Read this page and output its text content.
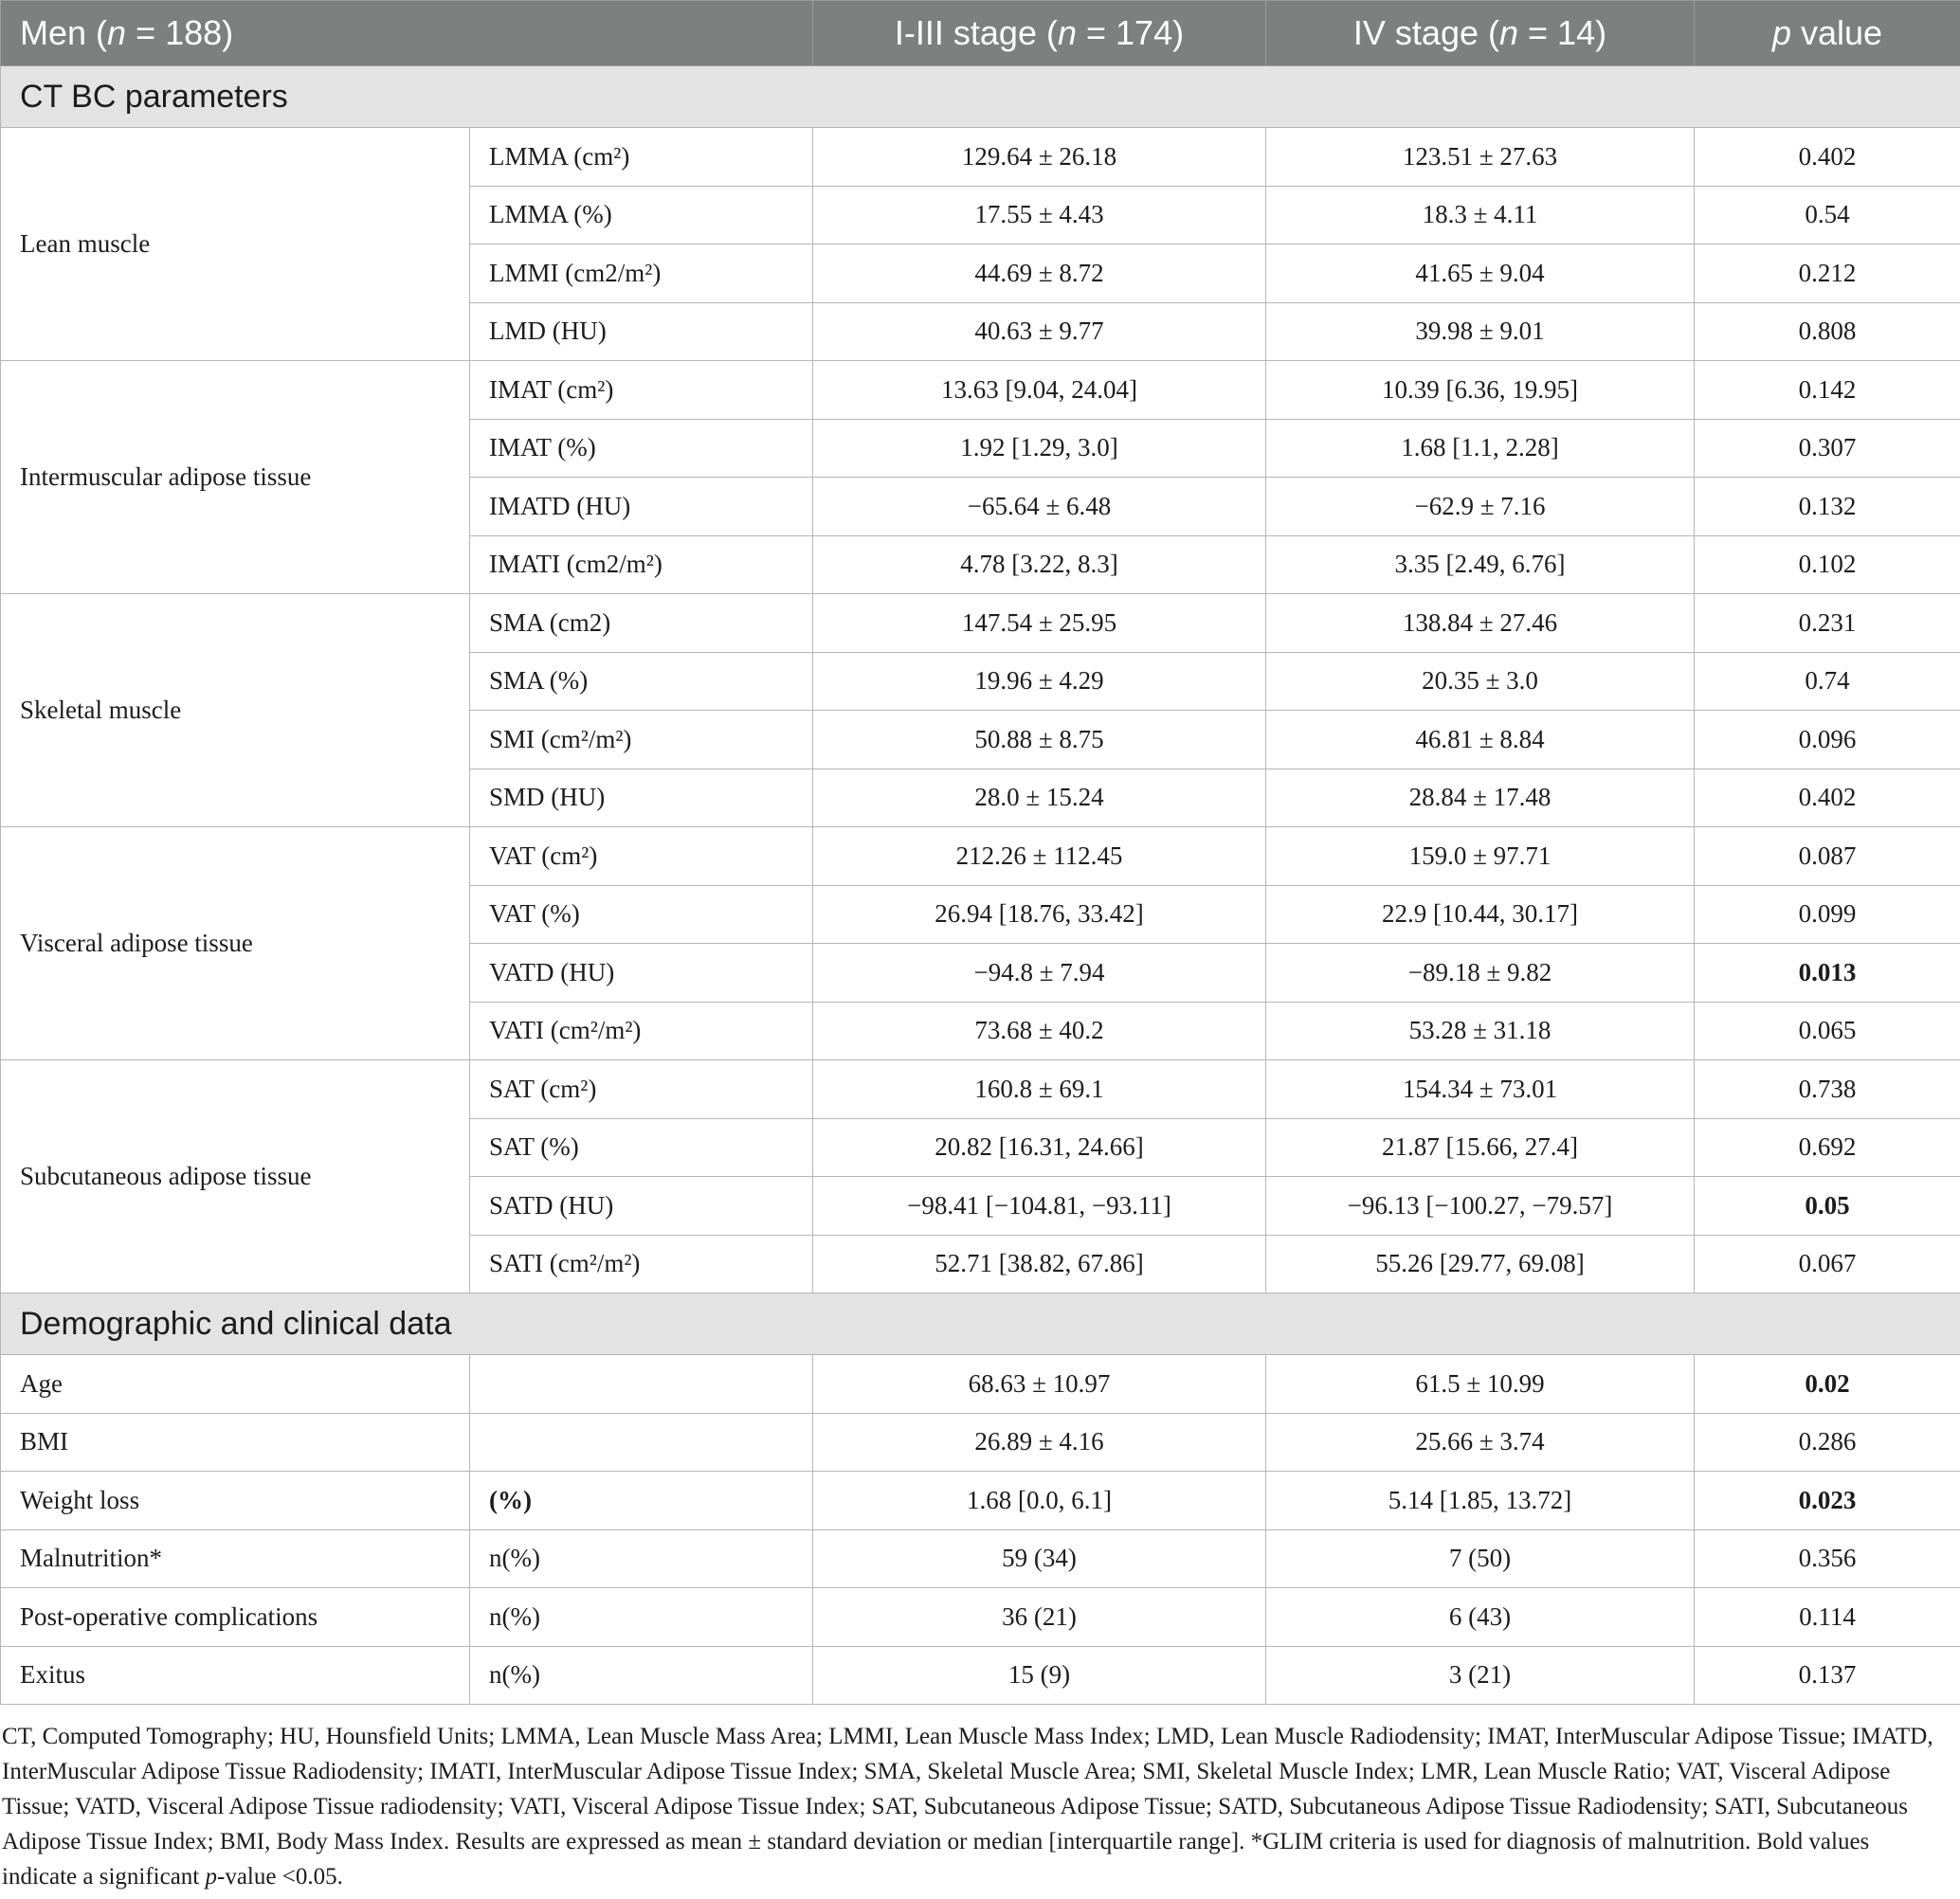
Men (n = 188)		I-III stage (n = 174)	IV stage (n = 14)	p value
CT BC parameters				
Lean muscle	LMMA (cm²)	129.64 ± 26.18	123.51 ± 27.63	0.402
	LMMA (%)	17.55 ± 4.43	18.3 ± 4.11	0.54
	LMMI (cm2/m²)	44.69 ± 8.72	41.65 ± 9.04	0.212
	LMD (HU)	40.63 ± 9.77	39.98 ± 9.01	0.808
Intermuscular adipose tissue	IMAT (cm²)	13.63 [9.04, 24.04]	10.39 [6.36, 19.95]	0.142
	IMAT (%)	1.92 [1.29, 3.0]	1.68 [1.1, 2.28]	0.307
	IMATD (HU)	−65.64 ± 6.48	−62.9 ± 7.16	0.132
	IMATI (cm2/m²)	4.78 [3.22, 8.3]	3.35 [2.49, 6.76]	0.102
Skeletal muscle	SMA (cm2)	147.54 ± 25.95	138.84 ± 27.46	0.231
	SMA (%)	19.96 ± 4.29	20.35 ± 3.0	0.74
	SMI (cm²/m²)	50.88 ± 8.75	46.81 ± 8.84	0.096
	SMD (HU)	28.0 ± 15.24	28.84 ± 17.48	0.402
Visceral adipose tissue	VAT (cm²)	212.26 ± 112.45	159.0 ± 97.71	0.087
	VAT (%)	26.94 [18.76, 33.42]	22.9 [10.44, 30.17]	0.099
	VATD (HU)	−94.8 ± 7.94	−89.18 ± 9.82	0.013
	VATI (cm²/m²)	73.68 ± 40.2	53.28 ± 31.18	0.065
Subcutaneous adipose tissue	SAT (cm²)	160.8 ± 69.1	154.34 ± 73.01	0.738
	SAT (%)	20.82 [16.31, 24.66]	21.87 [15.66, 27.4]	0.692
	SATD (HU)	−98.41 [−104.81, −93.11]	−96.13 [−100.27, −79.57]	0.05
	SATI (cm²/m²)	52.71 [38.82, 67.86]	55.26 [29.77, 69.08]	0.067
Demographic and clinical data				
Age		68.63 ± 10.97	61.5 ± 10.99	0.02
BMI		26.89 ± 4.16	25.66 ± 3.74	0.286
Weight loss	(%)	1.68 [0.0, 6.1]	5.14 [1.85, 13.72]	0.023
Malnutrition*	n(%)	59 (34)	7 (50)	0.356
Post-operative complications	n(%)	36 (21)	6 (43)	0.114
Exitus	n(%)	15 (9)	3 (21)	0.137
CT, Computed Tomography; HU, Hounsfield Units; LMMA, Lean Muscle Mass Area; LMMI, Lean Muscle Mass Index; LMD, Lean Muscle Radiodensity; IMAT, InterMuscular Adipose Tissue; IMATD, InterMuscular Adipose Tissue Radiodensity; IMATI, InterMuscular Adipose Tissue Index; SMA, Skeletal Muscle Area; SMI, Skeletal Muscle Index; LMR, Lean Muscle Ratio; VAT, Visceral Adipose Tissue; VATD, Visceral Adipose Tissue radiodensity; VATI, Visceral Adipose Tissue Index; SAT, Subcutaneous Adipose Tissue; SATD, Subcutaneous Adipose Tissue Radiodensity; SATI, Subcutaneous Adipose Tissue Index; BMI, Body Mass Index. Results are expressed as mean ± standard deviation or median [interquartile range]. *GLIM criteria is used for diagnosis of malnutrition. Bold values indicate a significant p-value <0.05.
